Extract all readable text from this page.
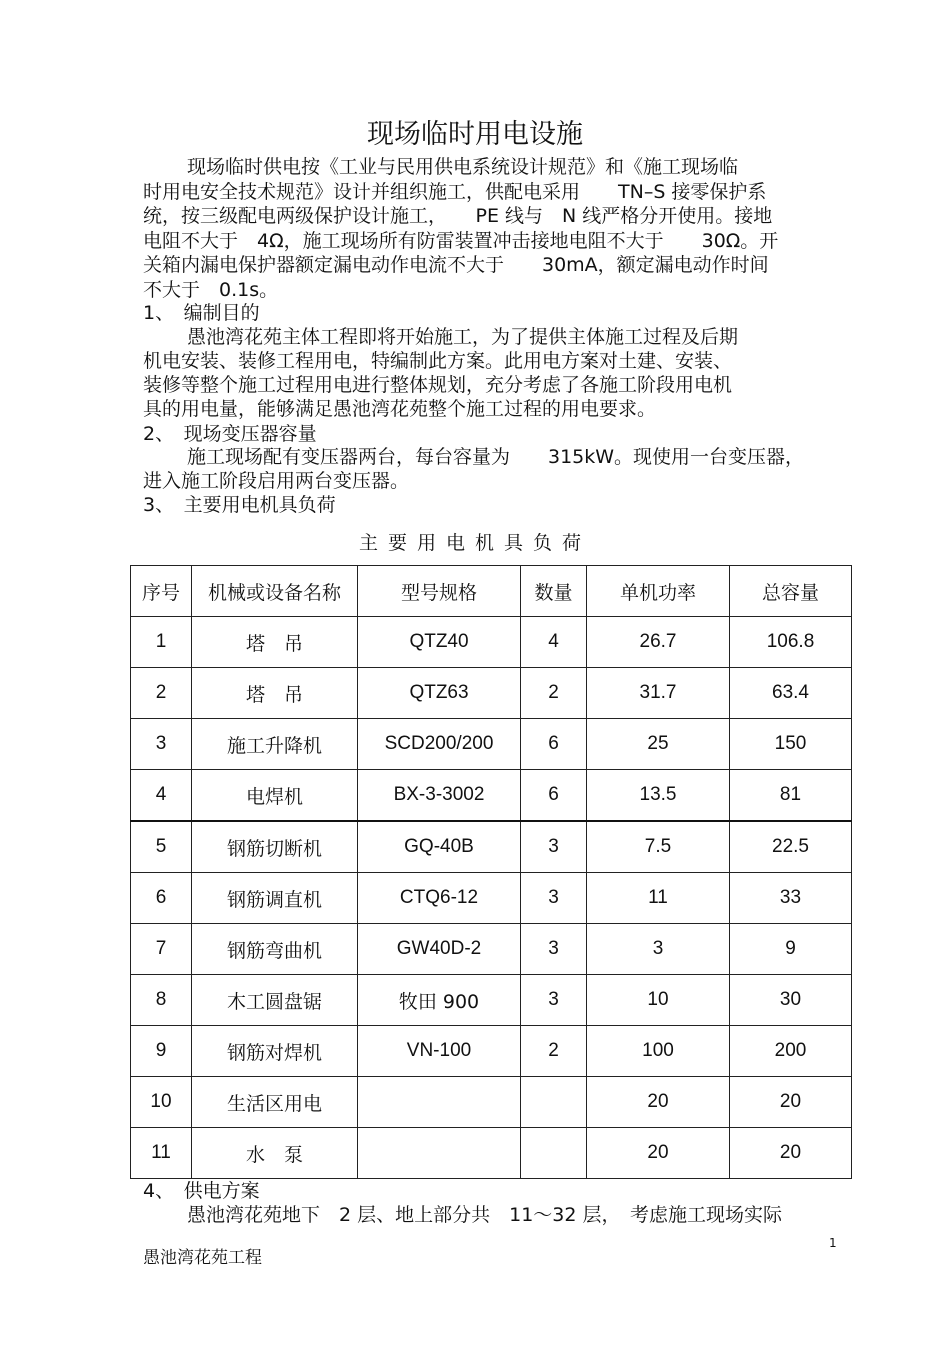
现场临时用电设施
现场临时供电按《工业与民用供电系统设计规范》和《施工现场临
时用电安全技术规范》设计并组织施工，供配电采用　　TN–S 接零保护系
统，按三级配电两级保护设计施工，　　PE 线与　N 线严格分开使用。接地
电阻不大于　4Ω，施工现场所有防雷装置冲击接地电阻不大于　　30Ω。开
关箱内漏电保护器额定漏电动作电流不大于　　30mA，额定漏电动作时间
不大于　0.1s。
1、　编制目的
愚池湾花苑主体工程即将开始施工，为了提供主体施工过程及后期
机电安装、装修工程用电，特编制此方案。此用电方案对土建、安装、
装修等整个施工过程用电进行整体规划，充分考虑了各施工阶段用电机
具的用电量，能够满足愚池湾花苑整个施工过程的用电要求。
2、　现场变压器容量
施工现场配有变压器两台，每台容量为　　315kW。现使用一台变压器，
进入施工阶段启用两台变压器。
3、　主要用电机具负荷
主要用电机具负荷
序号	机械或设备名称	型号规格	数量	单机功率	总容量
1	塔　吊	QTZ40	4	26.7	106.8
2	塔　吊	QTZ63	2	31.7	63.4
3	施工升降机	SCD200/200	6	25	150
4	电焊机	BX-3-3002	6	13.5	81
5	钢筋切断机	GQ-40B	3	7.5	22.5
6	钢筋调直机	CTQ6-12	3	11	33
7	钢筋弯曲机	GW40D-2	3	3	9
8	木工圆盘锯	牧田 900	3	10	30
9	钢筋对焊机	VN-100	2	100	200
10	生活区用电			20	20
11	水　泵			20	20
4、　供电方案
愚池湾花苑地下　2 层、地上部分共　11～32 层，　考虑施工现场实际
愚池湾花苑工程
1
